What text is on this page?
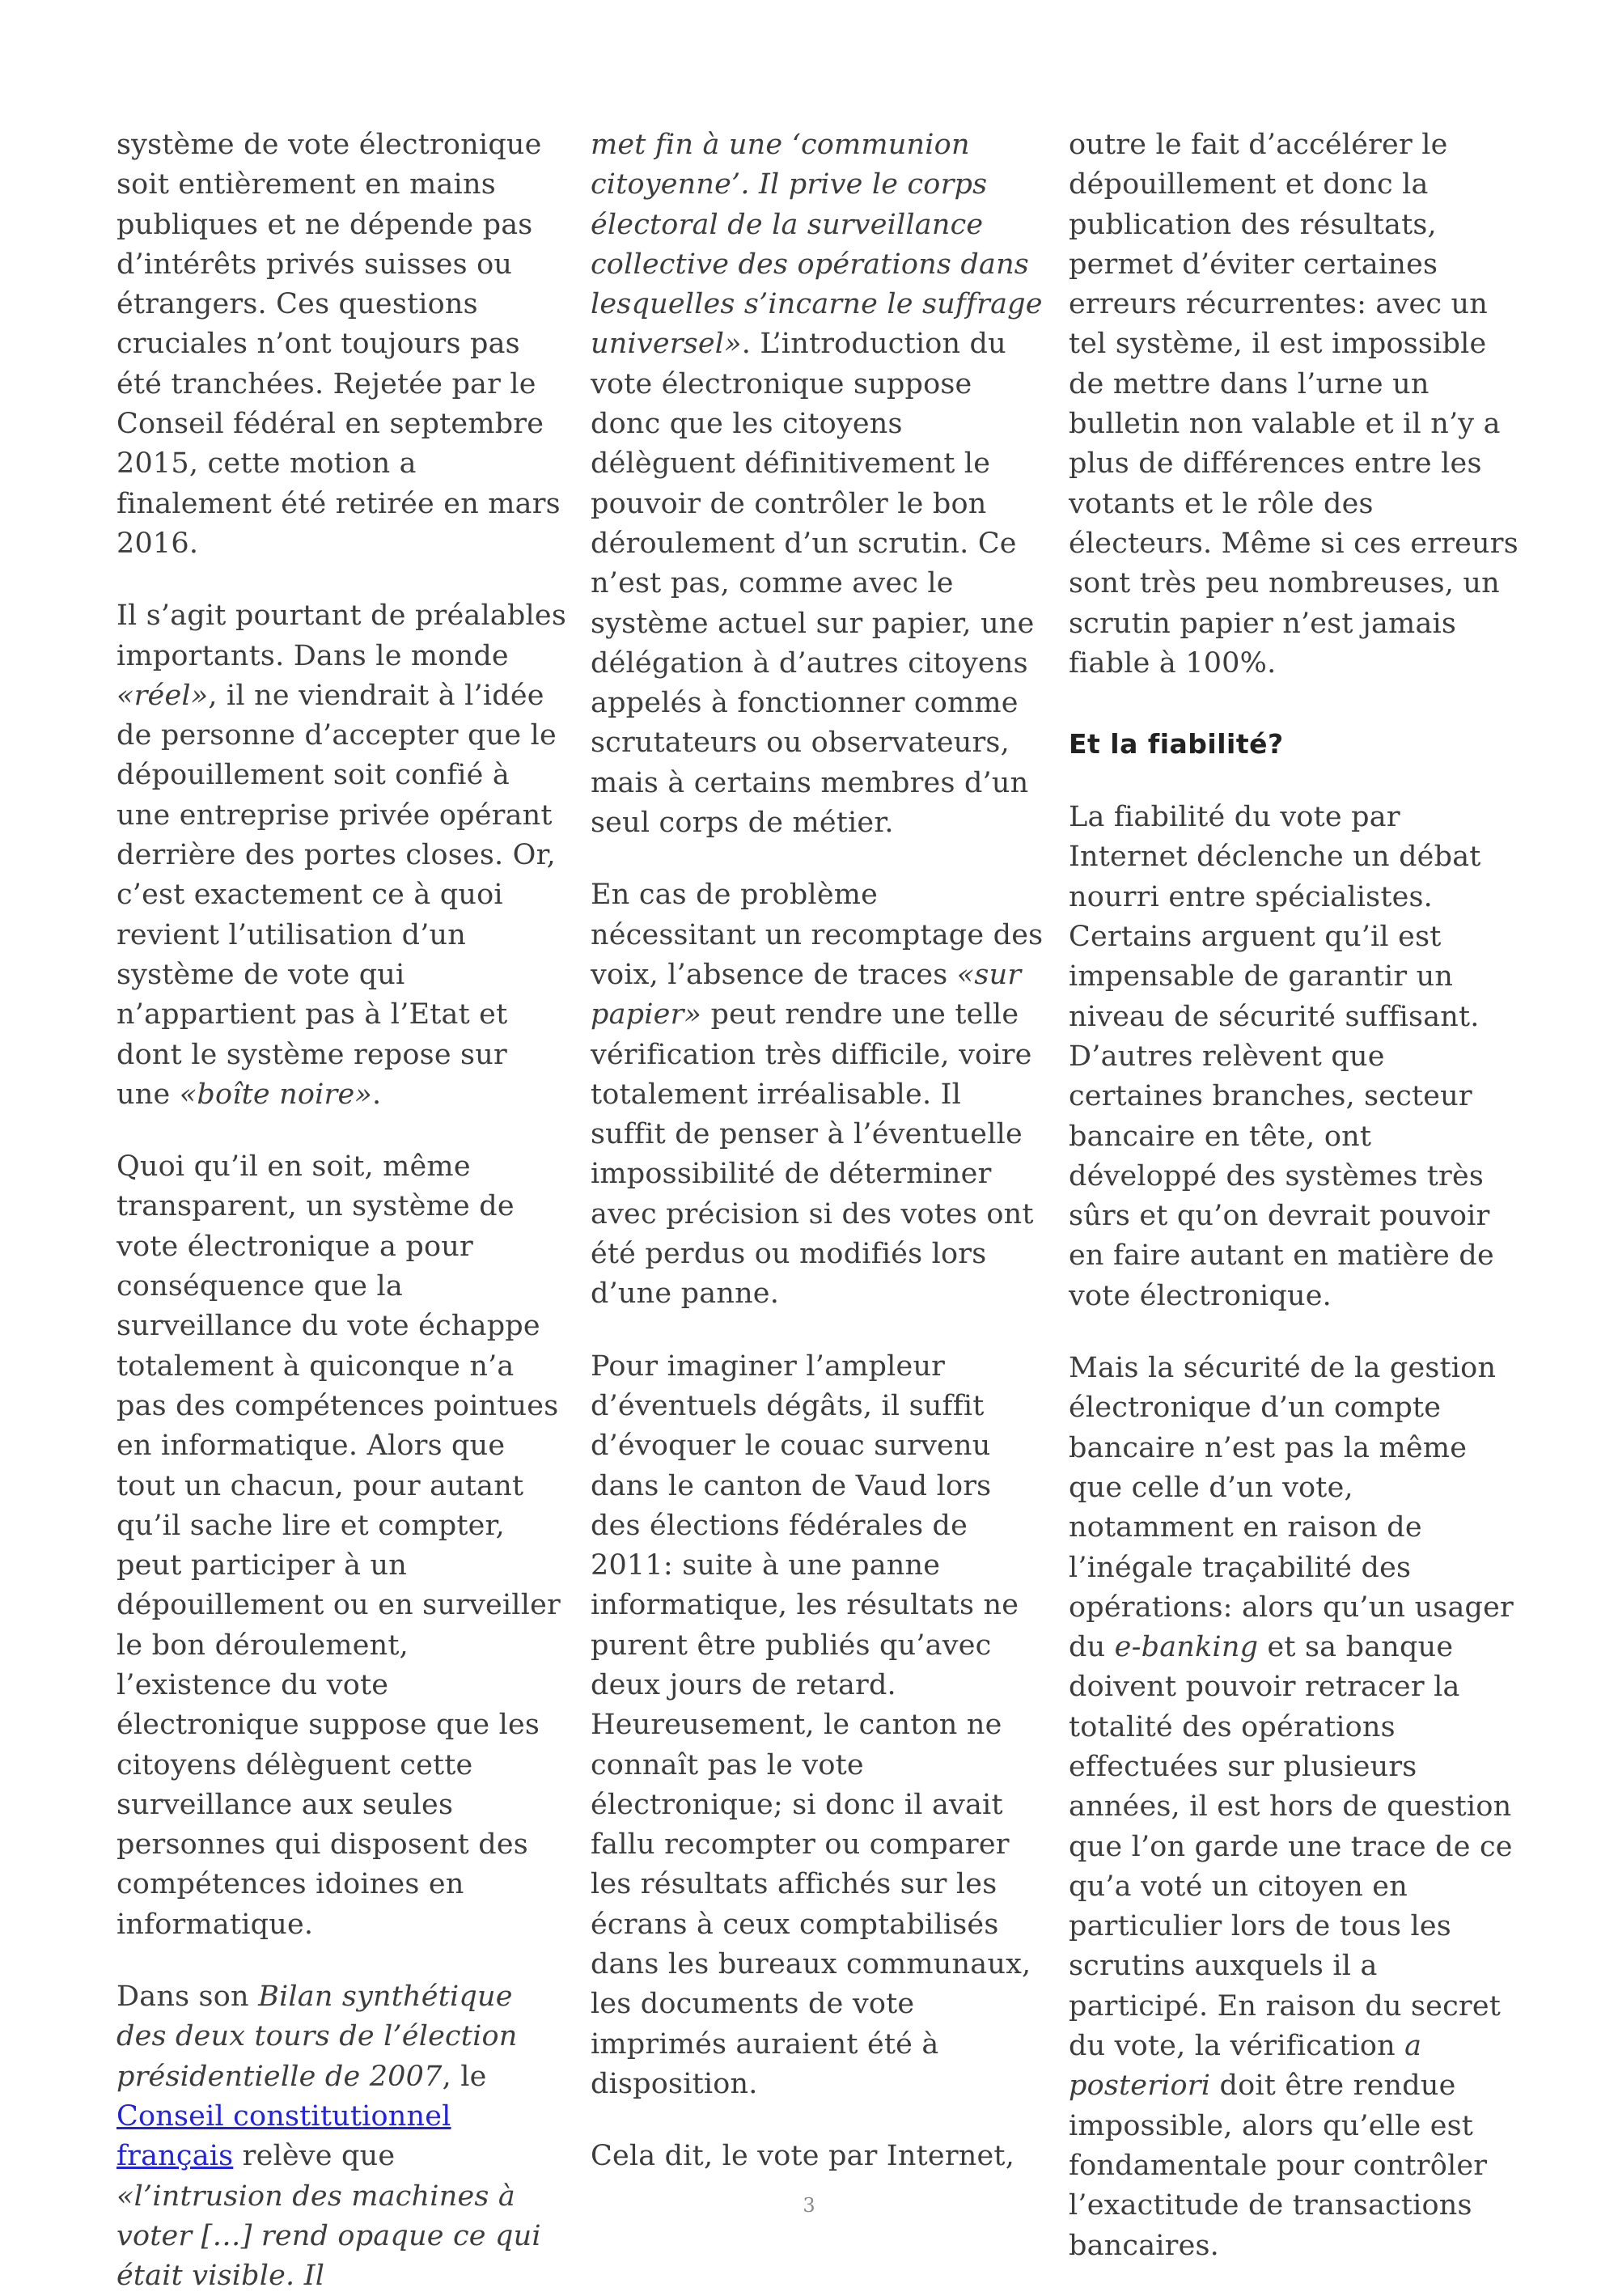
système de vote électronique soit entièrement en mains publiques et ne dépende pas d’intérêts privés suisses ou étrangers. Ces questions cruciales n’ont toujours pas été tranchées. Rejetée par le Conseil fédéral en septembre 2015, cette motion a finalement été retirée en mars 2016.

Il s’agit pourtant de préalables importants. Dans le monde «réel», il ne viendrait à l’idée de personne d’accepter que le dépouillement soit confié à une entreprise privée opérant derrière des portes closes. Or, c’est exactement ce à quoi revient l’utilisation d’un système de vote qui n’appartient pas à l’Etat et dont le système repose sur une «boîte noire».

Quoi qu’il en soit, même transparent, un système de vote électronique a pour conséquence que la surveillance du vote échappe totalement à quiconque n’a pas des compétences pointues en informatique. Alors que tout un chacun, pour autant qu’il sache lire et compter, peut participer à un dépouillement ou en surveiller le bon déroulement, l’existence du vote électronique suppose que les citoyens délèguent cette surveillance aux seules personnes qui disposent des compétences idoines en informatique.

Dans son Bilan synthétique des deux tours de l’élection présidentielle de 2007, le Conseil constitutionnel français relève que «l’intrusion des machines à voter […] rend opaque ce qui était visible. Il

met fin à une ‘communion citoyenne’. Il prive le corps électoral de la surveillance collective des opérations dans lesquelles s’incarne le suffrage universel». L’introduction du vote électronique suppose donc que les citoyens délèguent définitivement le pouvoir de contrôler le bon déroulement d’un scrutin. Ce n’est pas, comme avec le système actuel sur papier, une délégation à d’autres citoyens appelés à fonctionner comme scrutateurs ou observateurs, mais à certains membres d’un seul corps de métier.

En cas de problème nécessitant un recomptage des voix, l’absence de traces «sur papier» peut rendre une telle vérification très difficile, voire totalement irréalisable. Il suffit de penser à l’éventuelle impossibilité de déterminer avec précision si des votes ont été perdus ou modifiés lors d’une panne.

Pour imaginer l’ampleur d’éventuels dégâts, il suffit d’évoquer le couac survenu dans le canton de Vaud lors des élections fédérales de 2011: suite à une panne informatique, les résultats ne purent être publiés qu’avec deux jours de retard. Heureusement, le canton ne connaît pas le vote électronique; si donc il avait fallu recompter ou comparer les résultats affichés sur les écrans à ceux comptabilisés dans les bureaux communaux, les documents de vote imprimés auraient été à disposition.

Cela dit, le vote par Internet,

outre le fait d’accélérer le dépouillement et donc la publication des résultats, permet d’éviter certaines erreurs récurrentes: avec un tel système, il est impossible de mettre dans l’urne un bulletin non valable et il n’y a plus de différences entre les votants et le rôle des électeurs. Même si ces erreurs sont très peu nombreuses, un scrutin papier n’est jamais fiable à 100%.

Et la fiabilité?

La fiabilité du vote par Internet déclenche un débat nourri entre spécialistes. Certains arguent qu’il est impensable de garantir un niveau de sécurité suffisant. D’autres relèvent que certaines branches, secteur bancaire en tête, ont développé des systèmes très sûrs et qu’on devrait pouvoir en faire autant en matière de vote électronique.

Mais la sécurité de la gestion électronique d’un compte bancaire n’est pas la même que celle d’un vote, notamment en raison de l’inégale traçabilité des opérations: alors qu’un usager du e-banking et sa banque doivent pouvoir retracer la totalité des opérations effectuées sur plusieurs années, il est hors de question que l’on garde une trace de ce qu’a voté un citoyen en particulier lors de tous les scrutins auxquels il a participé. En raison du secret du vote, la vérification a posteriori doit être rendue impossible, alors qu’elle est fondamentale pour contrôler l’exactitude de transactions bancaires.

3
